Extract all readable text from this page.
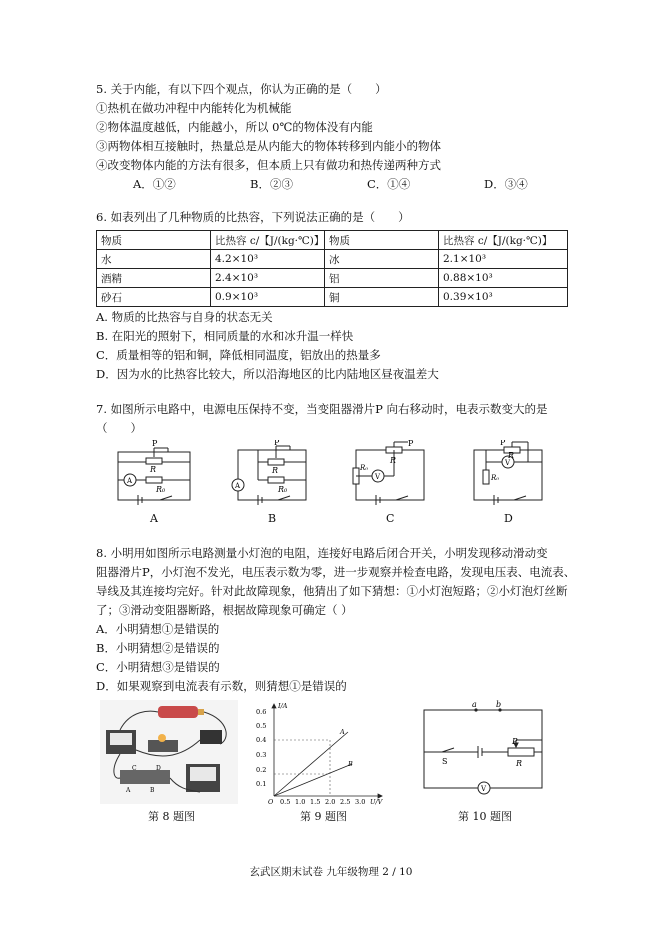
5. 关于内能，有以下四个观点，你认为正确的是（　　）
①热机在做功冲程中内能转化为机械能
②物体温度越低，内能越小，所以 0℃的物体没有内能
③两物体相互接触时，热量总是从内能大的物体转移到内能小的物体
④改变物体内能的方法有很多，但本质上只有做功和热传递两种方式
A．①②	B．②③	C．①④	D．③④
6. 如表列出了几种物质的比热容，下列说法正确的是（　　）
物质	比热容 c/【J/(kg·℃)】	物质	比热容 c/【J/(kg·℃)】
水	4.2×10³	冰	2.1×10³
酒精	2.4×10³	铝	0.88×10³
砂石	0.9×10³	铜	0.39×10³
A. 物质的比热容与自身的状态无关
B. 在阳光的照射下，相同质量的水和冰升温一样快
C．质量相等的铝和铜，降低相同温度，铝放出的热量多
D．因为水的比热容比较大，所以沿海地区的比内陆地区昼夜温差大
7. 如图所示电路中，电源电压保持不变，当变阻器滑片P 向右移动时，电表示数变大的是
（　　）
P
R
R₀
A
A
P
R
R₀
A
B
P
R
R₀
V
C
P
R
R₀
V
D
8. 小明用如图所示电路测量小灯泡的电阻，连接好电路后闭合开关，小明发现移动滑动变
阻器滑片P，小灯泡不发光，电压表示数为零，进一步观察并检查电路，发现电压表、电流表、
导线及其连接均完好。针对此故障现象，他猜出了如下猜想：①小灯泡短路；②小灯泡灯丝断
了；③滑动变阻器断路，根据故障现象可确定（ ）
A．小明猜想①是错误的
B．小明猜想②是错误的
C．小明猜想③是错误的
D．如果观察到电流表有示数，则猜想①是错误的
C	D
A	B
第 8 题图
I/A
0.6
0.5
0.4
0.3
0.2
0.1
O 0.5 1.0 1.5 2.0 2.5 3.0 U/V
A
B
第 9 题图
a b
P
S	R
V
第 10 题图
玄武区期末试卷 九年级物理 2 / 10
